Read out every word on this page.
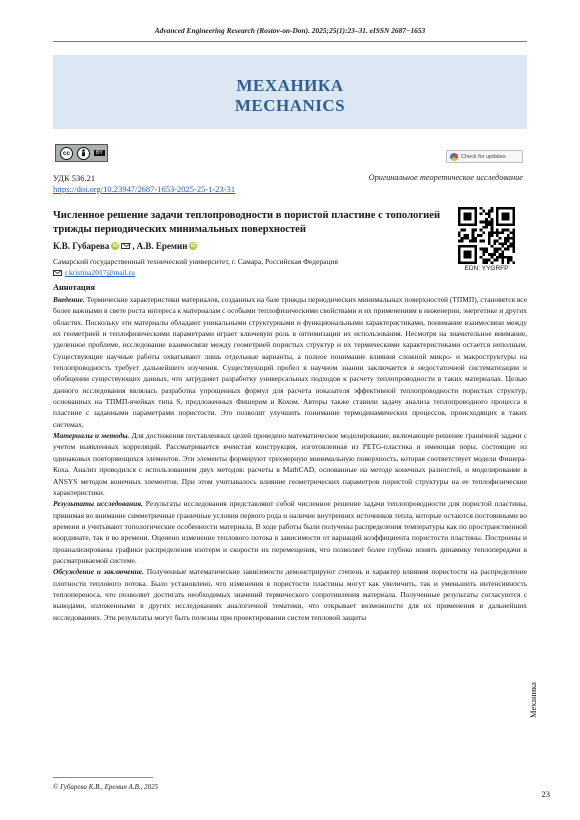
Advanced Engineering Research (Rostov-on-Don). 2025;25(1):23–31. eISSN 2687−1653
МЕХАНИКА
MECHANICS
cc	BY
Check for updates
УДК 536.21
https://doi.org/10.23947/2687-1653-2025-25-1-23-31
Оригинальное теоретическое исследование
Численное решение задачи теплопроводности в пористой пластине с топологией трижды периодических минимальных поверхностей
EDN: YYGRFP
К.В. Губарева iD , А.В. Еремин iD
Самарский государственный технический университет, г. Самара, Российская Федерация
r.kristina2017@mail.ru
Аннотация

Введение. Термические характеристики материалов, созданных на базе трижды периодических минимальных поверхностей (ТПМП), становятся все более важными в свете роста интереса к материалам с особыми теплофизическими свойствами и их применениям в инженерии, энергетике и других областях. Поскольку эти материалы обладают уникальными структурными и функциональными характеристиками, понимание взаимосвязи между их геометрией и теплофизическими параметрами играет ключевую роль в оптимизации их использования. Несмотря на значительное внимание, уделенное проблеме, исследование взаимосвязи между геометрией пористых структур и их термическими характеристиками остается неполным. Существующие научные работы охватывают лишь отдельные варианты, а полное понимание влияния сложной микро- и макроструктуры на теплопроводность требует дальнейшего изучения. Существующий пробел в научном знании заключается в недостаточной систематизации и обобщении существующих данных, что затрудняет разработку универсальных подходов к расчету теплопроводности в таких материалах. Целью данного исследования являлась разработка упрощенных формул для расчета показателя эффективной теплопроводности пористых структур, основанных на ТПМП-ячейках типа S, предложенных Фишером и Кохом. Авторы также ставили задачу анализа теплопроводного процесса в пластине с заданными параметрами пористости. Это позволит улучшить понимание термодинамических процессов, происходящих в таких системах.

Материалы и методы. Для достижения поставленных целей проведено математическое моделирование, включающее решение граничной задачи с учетом выявленных корреляций. Рассматривается ячеистая конструкция, изготовленная из PETG-пластика и имеющая поры, состоящие из одинаковых повторяющихся элементов. Эти элементы формируют трехмерную минимальную поверхность, которая соответствует модели Фишера-Коха. Анализ проводился с использованием двух методов: расчеты в MathCAD, основанные на методе конечных разностей, и моделирование в ANSYS методом конечных элементов. При этом учитывалось влияние геометрических параметров пористой структуры на ее теплофизические характеристики.

Результаты исследования. Результаты исследования представляют собой численное решение задачи теплопроводности для пористой пластины, принимая во внимание симметричные граничные условия первого рода и наличие внутренних источников тепла, которые остаются постоянными во времени и учитывают топологические особенности материала. В ходе работы были получены распределения температуры как по пространственной координате, так и во времени. Оценено изменение теплового потока в зависимости от вариаций коэффициента пористости пластины. Построены и проанализированы графики распределения изотерм и скорости их перемещения, что позволяет более глубоко понять динамику теплопередачи в рассматриваемой системе.

Обсуждение и заключение. Полученные математические зависимости демонстрируют степень и характер влияния пористости на распределение плотности теплового потока. Было установлено, что изменения в пористости пластины могут как увеличить, так и уменьшить интенсивность теплопереноса, что позволяет достигать необходимых значений термического сопротивления материала. Полученные результаты согласуются с выводами, изложенными в других исследованиях аналогичной тематики, что открывает возможности для их применения в дальнейших исследованиях. Эти результаты могут быть полезны при проектировании систем тепловой защиты

Механика
© Губарева К.В., Еремин А.В., 2025
23
